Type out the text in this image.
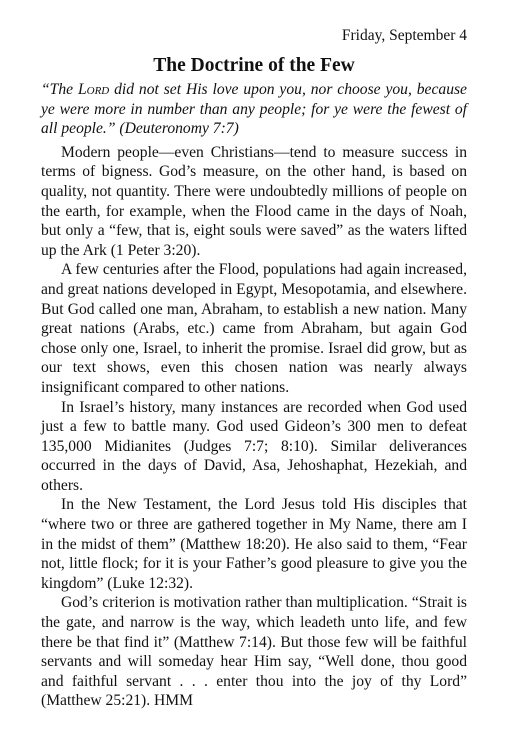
Friday, September 4

The Doctrine of the Few

“The Lord did not set His love upon you, nor choose you, because ye were more in number than any people; for ye were the fewest of all people.” (Deuteronomy 7:7)

Modern people—even Christians—tend to measure success in terms of bigness. God’s measure, on the other hand, is based on quality, not quantity. There were undoubtedly millions of people on the earth, for example, when the Flood came in the days of Noah, but only a “few, that is, eight souls were saved” as the waters lifted up the Ark (1 Peter 3:20).

A few centuries after the Flood, populations had again increased, and great nations developed in Egypt, Mesopotamia, and elsewhere. But God called one man, Abraham, to establish a new nation. Many great nations (Arabs, etc.) came from Abraham, but again God chose only one, Israel, to inherit the promise. Israel did grow, but as our text shows, even this chosen nation was nearly always insignificant compared to other nations.

In Israel’s history, many instances are recorded when God used just a few to battle many. God used Gideon’s 300 men to defeat 135,000 Midianites (Judges 7:7; 8:10). Similar deliverances occurred in the days of David, Asa, Jehoshaphat, Hezekiah, and others.

In the New Testament, the Lord Jesus told His disciples that “where two or three are gathered together in My Name, there am I in the midst of them” (Matthew 18:20). He also said to them, “Fear not, little flock; for it is your Father’s good pleasure to give you the kingdom” (Luke 12:32).

God’s criterion is motivation rather than multiplication. “Strait is the gate, and narrow is the way, which leadeth unto life, and few there be that find it” (Matthew 7:14). But those few will be faithful servants and will someday hear Him say, “Well done, thou good and faithful servant . . . enter thou into the joy of thy Lord” (Matthew 25:21). HMM
